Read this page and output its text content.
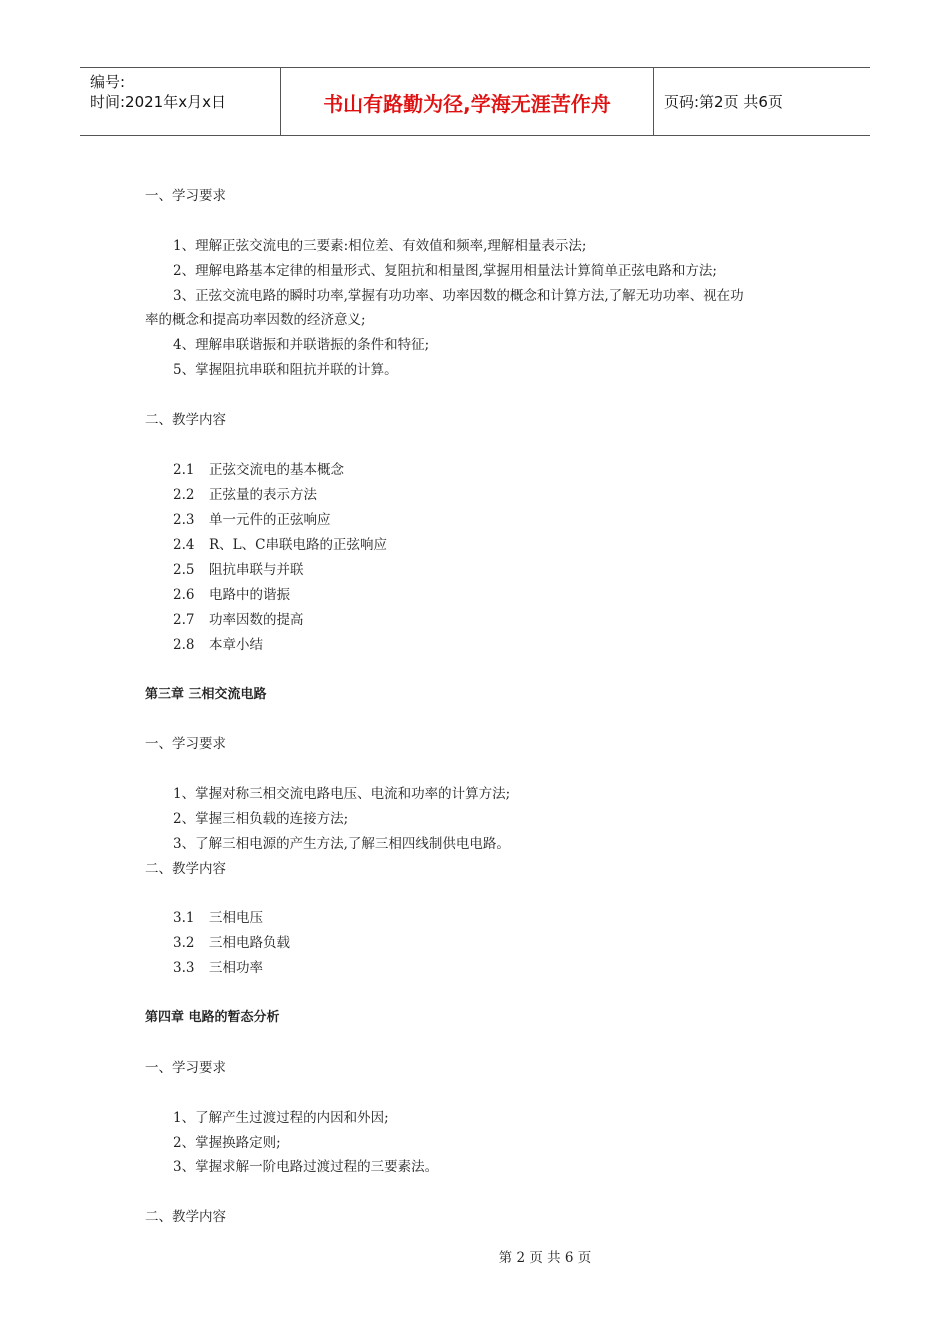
编号:
时间:2021年x月x日	书山有路勤为径,学海无涯苦作舟	页码:第2页 共6页
一、学习要求
1、理解正弦交流电的三要素:相位差、有效值和频率,理解相量表示法;
2、理解电路基本定律的相量形式、复阻抗和相量图,掌握用相量法计算简单正弦电路和方法;
3、正弦交流电路的瞬时功率,掌握有功功率、功率因数的概念和计算方法,了解无功功率、视在功
率的概念和提高功率因数的经济意义;
4、理解串联谐振和并联谐振的条件和特征;
5、掌握阻抗串联和阻抗并联的计算。
二、教学内容
2.1 正弦交流电的基本概念
2.2 正弦量的表示方法
2.3 单一元件的正弦响应
2.4 R、L、C串联电路的正弦响应
2.5 阻抗串联与并联
2.6 电路中的谐振
2.7 功率因数的提高
2.8 本章小结
第三章 三相交流电路
一、学习要求
1、掌握对称三相交流电路电压、电流和功率的计算方法;
2、掌握三相负载的连接方法;
3、了解三相电源的产生方法,了解三相四线制供电电路。
二、教学内容
3.1 三相电压
3.2 三相电路负载
3.3 三相功率
第四章 电路的暂态分析
一、学习要求
1、了解产生过渡过程的内因和外因;
2、掌握换路定则;
3、掌握求解一阶电路过渡过程的三要素法。
二、教学内容
第 2 页 共 6 页
